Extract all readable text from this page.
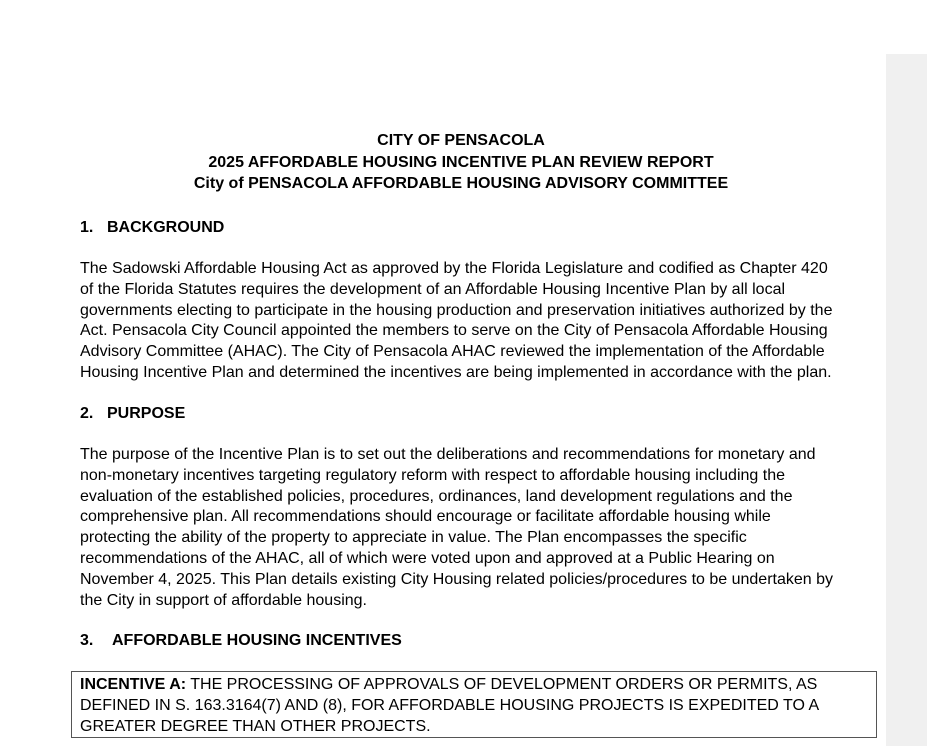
CITY OF PENSACOLA
2025 AFFORDABLE HOUSING INCENTIVE PLAN REVIEW REPORT
City of PENSACOLA AFFORDABLE HOUSING ADVISORY COMMITTEE
1. BACKGROUND
The Sadowski Affordable Housing Act as approved by the Florida Legislature and codified as Chapter 420
of the Florida Statutes requires the development of an Affordable Housing Incentive Plan by all local
governments electing to participate in the housing production and preservation initiatives authorized by the
Act. Pensacola City Council appointed the members to serve on the City of Pensacola Affordable Housing
Advisory Committee (AHAC). The City of Pensacola AHAC reviewed the implementation of the Affordable
Housing Incentive Plan and determined the incentives are being implemented in accordance with the plan.
2. PURPOSE
The purpose of the Incentive Plan is to set out the deliberations and recommendations for monetary and
non-monetary incentives targeting regulatory reform with respect to affordable housing including the
evaluation of the established policies, procedures, ordinances, land development regulations and the
comprehensive plan. All recommendations should encourage or facilitate affordable housing while
protecting the ability of the property to appreciate in value. The Plan encompasses the specific
recommendations of the AHAC, all of which were voted upon and approved at a Public Hearing on
November 4, 2025. This Plan details existing City Housing related policies/procedures to be undertaken by
the City in support of affordable housing.
3. AFFORDABLE HOUSING INCENTIVES
INCENTIVE A: THE PROCESSING OF APPROVALS OF DEVELOPMENT ORDERS OR PERMITS, AS
DEFINED IN S. 163.3164(7) AND (8), FOR AFFORDABLE HOUSING PROJECTS IS EXPEDITED TO A
GREATER DEGREE THAN OTHER PROJECTS.
